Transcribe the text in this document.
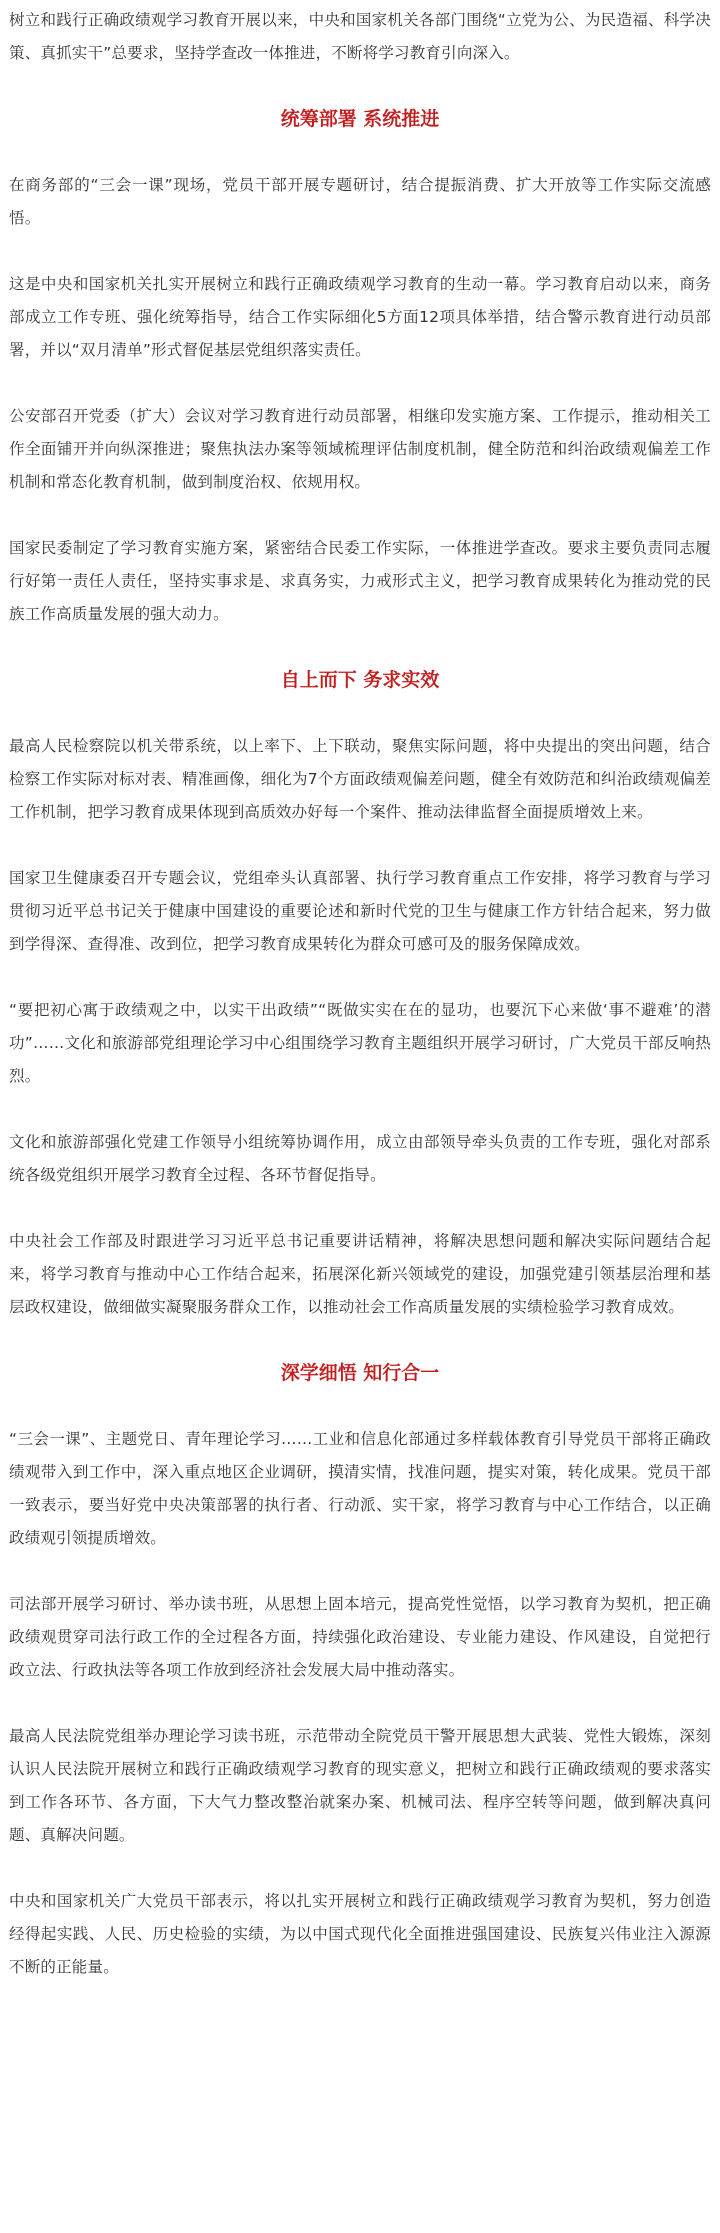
树立和践行正确政绩观学习教育开展以来，中央和国家机关各部门围绕“立党为公、为民造福、科学决策、真抓实干”总要求，坚持学查改一体推进，不断将学习教育引向深入。

统筹部署 系统推进

在商务部的“三会一课”现场，党员干部开展专题研讨，结合提振消费、扩大开放等工作实际交流感悟。

这是中央和国家机关扎实开展树立和践行正确政绩观学习教育的生动一幕。学习教育启动以来，商务部成立工作专班、强化统筹指导，结合工作实际细化5方面12项具体举措，结合警示教育进行动员部署，并以“双月清单”形式督促基层党组织落实责任。

公安部召开党委（扩大）会议对学习教育进行动员部署，相继印发实施方案、工作提示，推动相关工作全面铺开并向纵深推进；聚焦执法办案等领域梳理评估制度机制，健全防范和纠治政绩观偏差工作机制和常态化教育机制，做到制度治权、依规用权。

国家民委制定了学习教育实施方案，紧密结合民委工作实际，一体推进学查改。要求主要负责同志履行好第一责任人责任，坚持实事求是、求真务实，力戒形式主义，把学习教育成果转化为推动党的民族工作高质量发展的强大动力。

自上而下 务求实效

最高人民检察院以机关带系统，以上率下、上下联动，聚焦实际问题，将中央提出的突出问题，结合检察工作实际对标对表、精准画像，细化为7个方面政绩观偏差问题，健全有效防范和纠治政绩观偏差工作机制，把学习教育成果体现到高质效办好每一个案件、推动法律监督全面提质增效上来。

国家卫生健康委召开专题会议，党组牵头认真部署、执行学习教育重点工作安排，将学习教育与学习贯彻习近平总书记关于健康中国建设的重要论述和新时代党的卫生与健康工作方针结合起来，努力做到学得深、查得准、改到位，把学习教育成果转化为群众可感可及的服务保障成效。

“要把初心寓于政绩观之中，以实干出政绩”“既做实实在在的显功，也要沉下心来做‘事不避难’的潜功”……文化和旅游部党组理论学习中心组围绕学习教育主题组织开展学习研讨，广大党员干部反响热烈。

文化和旅游部强化党建工作领导小组统筹协调作用，成立由部领导牵头负责的工作专班，强化对部系统各级党组织开展学习教育全过程、各环节督促指导。

中央社会工作部及时跟进学习习近平总书记重要讲话精神，将解决思想问题和解决实际问题结合起来，将学习教育与推动中心工作结合起来，拓展深化新兴领域党的建设，加强党建引领基层治理和基层政权建设，做细做实凝聚服务群众工作，以推动社会工作高质量发展的实绩检验学习教育成效。

深学细悟 知行合一

“三会一课”、主题党日、青年理论学习……工业和信息化部通过多样载体教育引导党员干部将正确政绩观带入到工作中，深入重点地区企业调研，摸清实情，找准问题，提实对策，转化成果。党员干部一致表示，要当好党中央决策部署的执行者、行动派、实干家，将学习教育与中心工作结合，以正确政绩观引领提质增效。

司法部开展学习研讨、举办读书班，从思想上固本培元，提高党性觉悟，以学习教育为契机，把正确政绩观贯穿司法行政工作的全过程各方面，持续强化政治建设、专业能力建设、作风建设，自觉把行政立法、行政执法等各项工作放到经济社会发展大局中推动落实。

最高人民法院党组举办理论学习读书班，示范带动全院党员干警开展思想大武装、党性大锻炼，深刻认识人民法院开展树立和践行正确政绩观学习教育的现实意义，把树立和践行正确政绩观的要求落实到工作各环节、各方面，下大气力整改整治就案办案、机械司法、程序空转等问题，做到解决真问题、真解决问题。

中央和国家机关广大党员干部表示，将以扎实开展树立和践行正确政绩观学习教育为契机，努力创造经得起实践、人民、历史检验的实绩，为以中国式现代化全面推进强国建设、民族复兴伟业注入源源不断的正能量。
